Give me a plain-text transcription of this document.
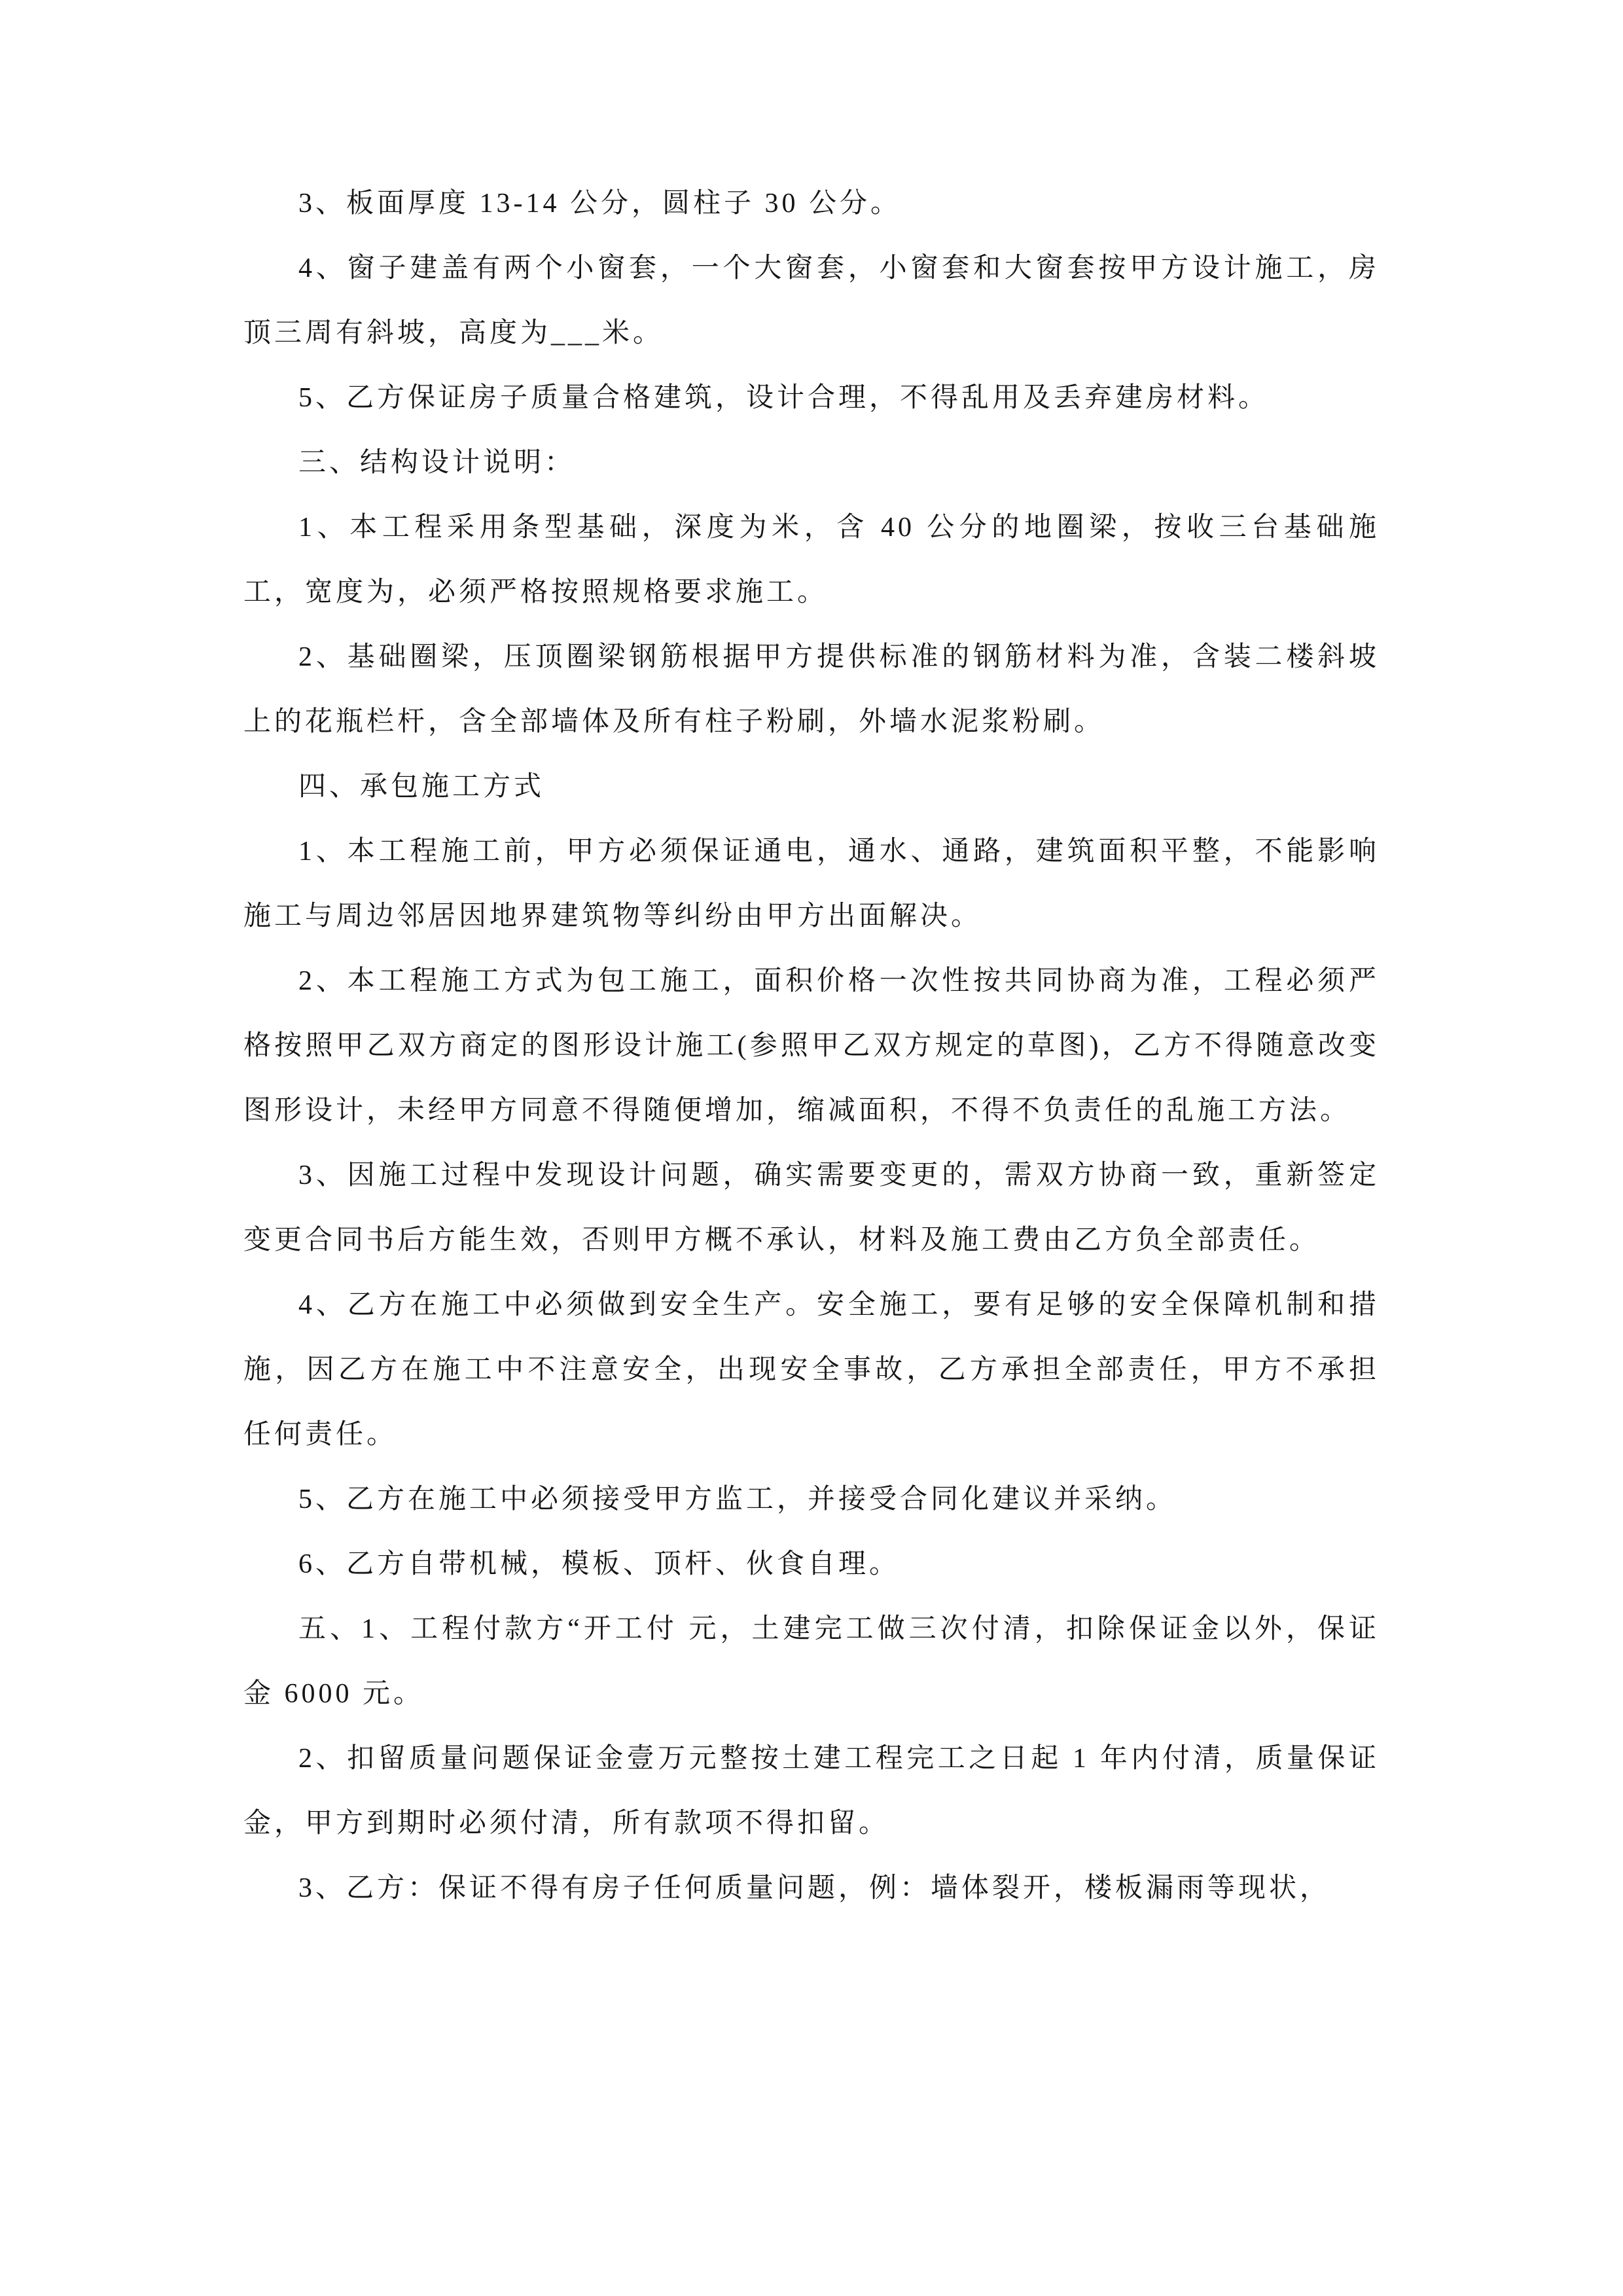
3、板面厚度 13-14 公分，圆柱子 30 公分。

4、窗子建盖有两个小窗套，一个大窗套，小窗套和大窗套按甲方设计施工，房顶三周有斜坡，高度为___米。

5、乙方保证房子质量合格建筑，设计合理，不得乱用及丢弃建房材料。

三、结构设计说明：

1、本工程采用条型基础，深度为米，含 40 公分的地圈梁，按收三台基础施工，宽度为，必须严格按照规格要求施工。

2、基础圈梁，压顶圈梁钢筋根据甲方提供标准的钢筋材料为准，含装二楼斜坡上的花瓶栏杆，含全部墙体及所有柱子粉刷，外墙水泥浆粉刷。

四、承包施工方式

1、本工程施工前，甲方必须保证通电，通水、通路，建筑面积平整，不能影响施工与周边邻居因地界建筑物等纠纷由甲方出面解决。

2、本工程施工方式为包工施工，面积价格一次性按共同协商为准，工程必须严格按照甲乙双方商定的图形设计施工(参照甲乙双方规定的草图)，乙方不得随意改变图形设计，未经甲方同意不得随便增加，缩减面积，不得不负责任的乱施工方法。

3、因施工过程中发现设计问题，确实需要变更的，需双方协商一致，重新签定变更合同书后方能生效，否则甲方概不承认，材料及施工费由乙方负全部责任。

4、乙方在施工中必须做到安全生产。安全施工，要有足够的安全保障机制和措施，因乙方在施工中不注意安全，出现安全事故，乙方承担全部责任，甲方不承担任何责任。

5、乙方在施工中必须接受甲方监工，并接受合同化建议并采纳。

6、乙方自带机械，模板、顶杆、伙食自理。

五、1、工程付款方“开工付 元，土建完工做三次付清，扣除保证金以外，保证金 6000 元。

2、扣留质量问题保证金壹万元整按土建工程完工之日起 1 年内付清，质量保证金，甲方到期时必须付清，所有款项不得扣留。

3、乙方：保证不得有房子任何质量问题，例：墙体裂开，楼板漏雨等现状，
